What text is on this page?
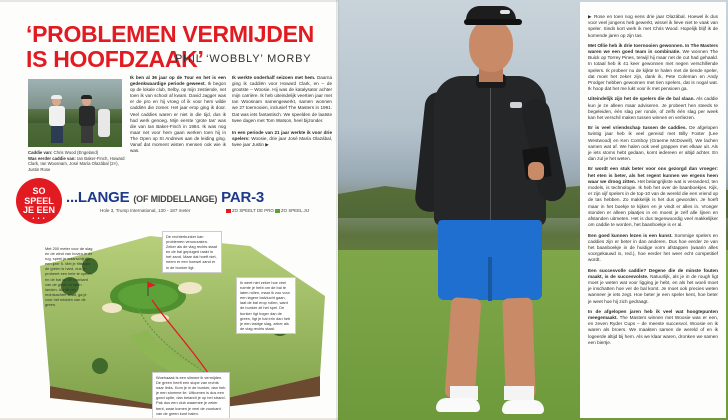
‘PROBLEMEN VERMIJDEN IS HOOFDZAAK’
PHIL ‘WOBBLY’ MORBY
Caddie van: Chris Wood (Engeland)
Was eerder caddie van: Ian Baker-Finch, Howard Clark, Ian Woosnam, José María Olazábal (2×), Justin Rose
Ik ben al 36 jaar op de Tour en het is een gedenkwaardige periode geweest. Ik begon op de lokale club, Selby, op mijn zestiende, net toen ik van school af kwam. David Jagger was er de pro en hij vroeg of ik voor hem wilde caddiën die zomer. Het jaar erop ging ik door. Veel caddies waren er niet in die tijd, dus ik had werk genoeg. Mijn eerste ‘grote tas’ was die van Ian Baker-Finch in 1984. Ik was nog maar net voor hem gaan werken toen hij in The Open op St Andrews aan de leiding ging. Vanaf dat moment wisten mensen ook wie ik was.
Ik werkte onderhalf seizoen met hem. Daarna ging ik caddiën voor Howard Clark, en – de grootste – Woosie. Hij was de katalysator achter mijn carrière. Ik heb uiteindelijk veertien jaar met Ian Woosnam samengewerkt, samen wonnen we 27 toernooien, inclusief The Masters in 1991. Dat was iets fantastisch. We speelden de laatste twee dagen met Tom Watson, heel bijzonder.

In een periode van 21 jaar werkte ik voor drie spelers: Woosie, drie jaar José María Olazábal, twee jaar Justin ▶
SO
SPEEL
JE EEN
• • •
...LANGE (OF MIDDELLANGE) PAR-3
Hole 3, Trump International, 130 - 187 meter	ZO SPEELT DE PRO	ZO SPEEL JIJ
Met 200 meter voor de slag en de wind van boven in de rug, speel je waarschijnlijk een ijzer 5. Met je flitsaqfit, de green is hard, dus je probeert een hele te spelen en de bal op de voorkant van de green te laten landen. Als de pin rechtsachter staat, ga je voor het midden van de green.
De rechterbunker kan problemen veroorzaken. Zeker als de vlag rechts staat en de bal gepluged raakt in het zand. Maar dat hoeft niet, neem er een hoewel zand er in de bunker ligt.
Ik weet niet zeker hoe veel ruimte je hebt om de bal te laten rollen, maar ik zou voor een lagere balvlucht gaan, laat de bal erop rollen, want de bunker zit het spel. De bunker ligt hoger dan de green, ligt je bal erin dan heb je een lastige slag, zeker als de vlag rechts staat.
Woehaaak is een slimme ik vermijden. De green heeft een slope van rechts naar links. Kom je in de bunker, dan heb je een stomme lie. Uitkomen is dus een goed optie, dan belandt je op het strand. Pak dus een club waarmee je zeker bent, waar komen je veel de voorkant van de green kunt halen.

▶ Rose en toen nog eens drie jaar Olazábal. Hoewel ik dus voor veel jongens heb gewerkt, wissel ik lieve niet te vaak van speler. Sinds kort werk ik met Chris Wood. Hopelijk blijf ik de komende jaren op zijn tas.

Met Ollie heb ik drie toernooien gewonnen. In The Masters waren we een goed team in combinatie. We wonnen The Buick op Torrey Pines, terwijl hij maar net de cut had gehaald. In totaal heb ik 41 keer gewonnen met negen verschillende spelers. Ik probeer nu de kijkte te halen met de tiende speler, dat moet het zeker zijn, dank ik, Pete Coleman en Andy Prodger hebben gewonnen met tien spelers, dat is nogal wat. Ik hoop dat het me lukt voor ik met pensioen ga.

Uiteindelijk zijn het de spelers die de bal slaan. Als caddie kun je ze alleen maar adviseren. Je probeert hen steeds te begeleiden, één slag per ronde, of zelfs één slag per week kan het verschil maken tussen winnen en verliezen.

Er is veel vriendschap tussen de caddies. De afgelopen twintig jaar heb ik veel gereisd met Billy Foster (Lee Westwood) en Ken Comboy (Graeme McDowell). We lachen samen wat af. We halen ook veel grappen met elkaar uit. Als je iets stoms hebt gedaan, komt iedereen er altijd achter. En dan zul je het weten.

Er wordt een stuk beter voor ons gezorgd dan vroeger: het eten is beter, als het regent kunnen we ergens heen waar we droog zitten. Het belangrijkste wat is veranderd, ten models, is technologie. Ik heb het over de baanboekjes. Kijk, er zijn vijf spelers in de top-10 van de wereld die een vriend op de tas hebben. Zo makkelijk is het dus geworden. Je hoeft maar in het boekje te kijken en je vindt er alles in. Vroeger stonden er alleen plaatjes in en moest je zelf alle lijnen en afstanden uitmeten. Het is dus tegenwoordig veel makkelijker om caddie te worden, het baanboekje is er al.

Een goed kunnen lezen is een kunst. Sommige spelers en caddies zijn er beter in dan anderen. Dus hoe eerder ze van het baanboekje in de huidige vorm afstappen (waarin alles voorgekauwd is, red.), hoe eerder het weer echt competitief wordt.

Een succesvolle caddie? Degene die de minste fouten maakt, is de succesvolste. Natuurlijk, als je in de rough ligt moet je weten wat voor ligging je hebt, en als het woeli moet je inschatten hoe ver de bal komt. Je moet ook precies weten wanneer je iets zegt. Hoe beter je een speler kent, hoe beter je weet hoe hij zich gedraagt.

In de afgelopen jaren heb ik veel wat hoogtepunten meegemaakt. The Masters winnen met Woosie was er een, en zeven Ryder Cups – de meeste succesvol. Woosie en ik waren als broers. We maakten samen de wereld of en ik logeerde altijd bij hem. Als we klaar waren, dronken we samen een biertje.
